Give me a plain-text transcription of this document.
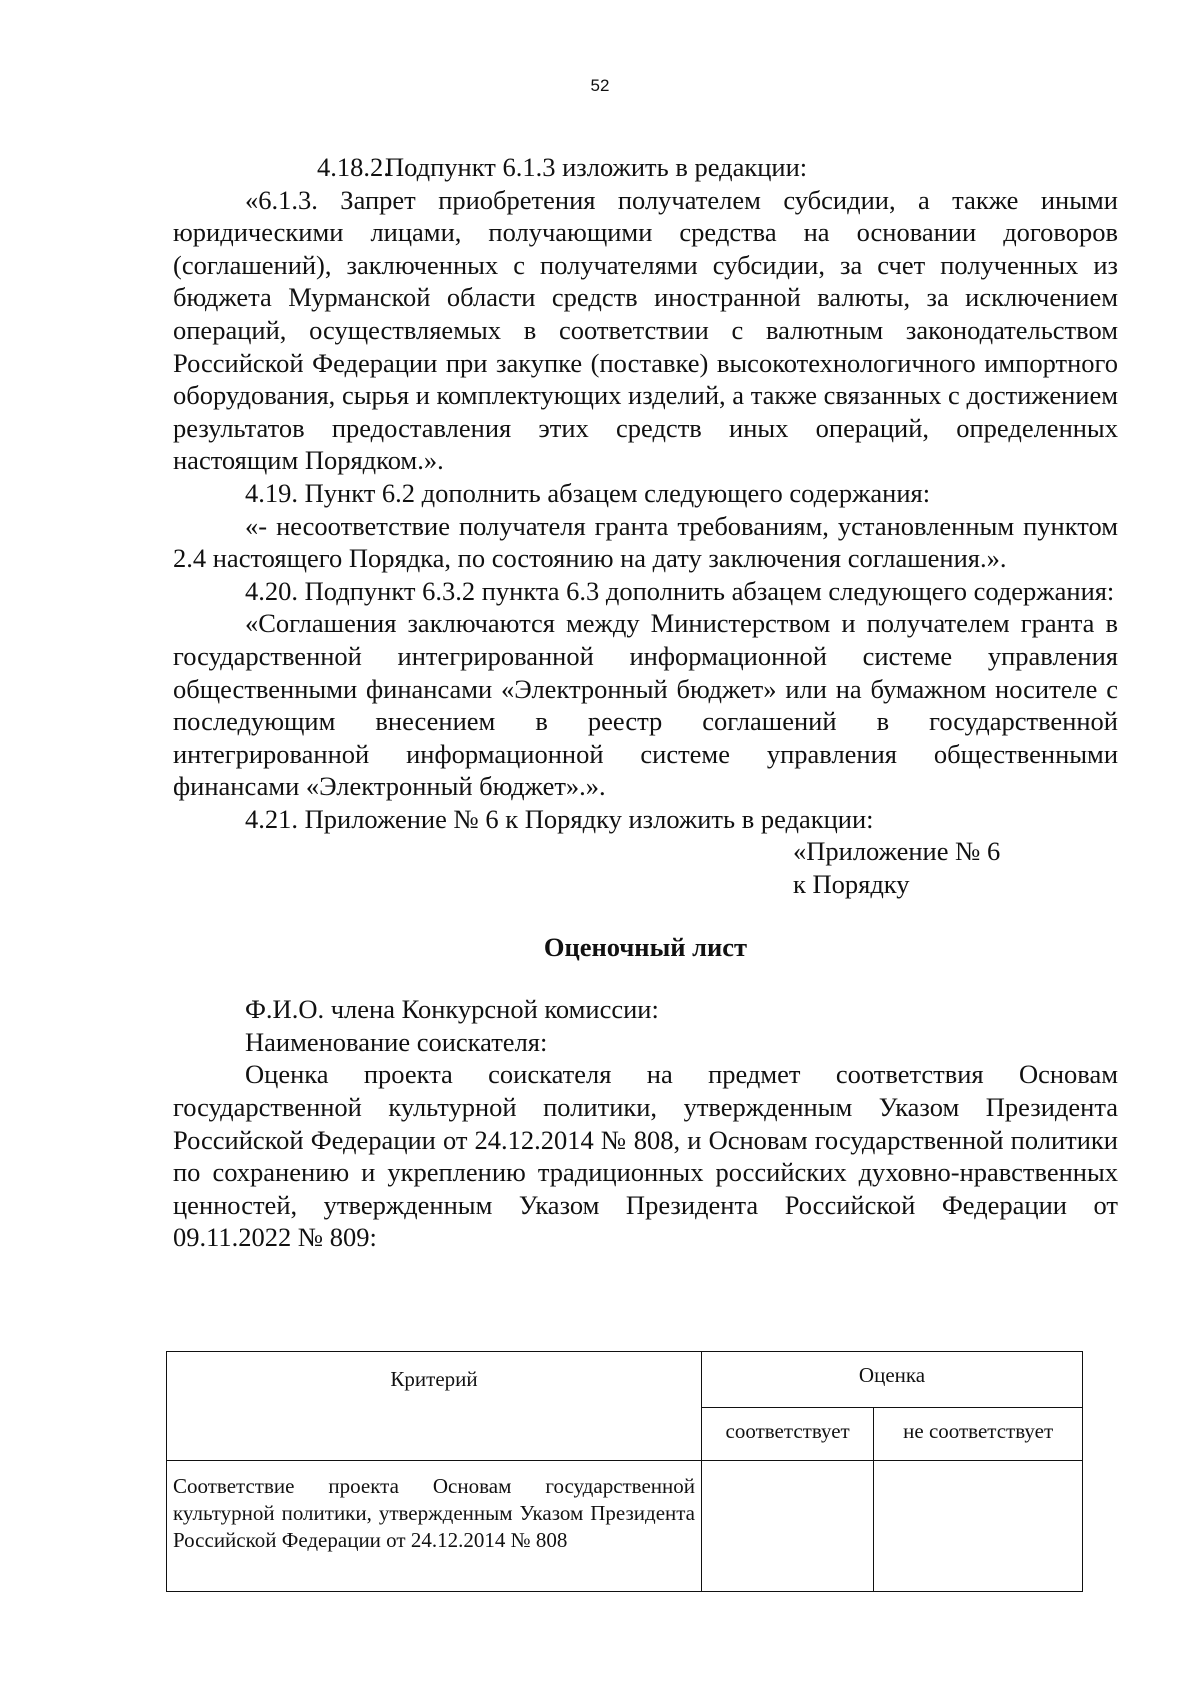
52

4.18.2.Подпункт 6.1.3 изложить в редакции:

«6.1.3. Запрет приобретения получателем субсидии, а также иными юридическими лицами, получающими средства на основании договоров (соглашений), заключенных с получателями субсидии, за счет полученных из бюджета Мурманской области средств иностранной валюты, за исключением операций, осуществляемых в соответствии с валютным законодательством Российской Федерации при закупке (поставке) высокотехнологичного импортного оборудования, сырья и комплектующих изделий, а также связанных с достижением результатов предоставления этих средств иных операций, определенных настоящим Порядком.».

4.19. Пункт 6.2 дополнить абзацем следующего содержания:

«- несоответствие получателя гранта требованиям, установленным пунктом 2.4 настоящего Порядка, по состоянию на дату заключения соглашения.».

4.20. Подпункт 6.3.2 пункта 6.3 дополнить абзацем следующего содержания:

«Соглашения заключаются между Министерством и получателем гранта в государственной интегрированной информационной системе управления общественными финансами «Электронный бюджет» или на бумажном носителе с последующим внесением в реестр соглашений в государственной интегрированной информационной системе управления общественными финансами «Электронный бюджет».».

4.21. Приложение № 6 к Порядку изложить в редакции:

«Приложение № 6

к Порядку

Оценочный лист

Ф.И.О. члена Конкурсной комиссии:

Наименование соискателя:

Оценка проекта соискателя на предмет соответствия Основам государственной культурной политики, утвержденным Указом Президента Российской Федерации от 24.12.2014 № 808, и Основам государственной политики по сохранению и укреплению традиционных российских духовно-нравственных ценностей, утвержденным Указом Президента Российской Федерации от 09.11.2022 № 809:

Критерий	Оценка	
	соответствует	не соответствует
Соответствие проекта Основам государственной культурной политики, утвержденным Указом Президента Российской Федерации от 24.12.2014 № 808		
